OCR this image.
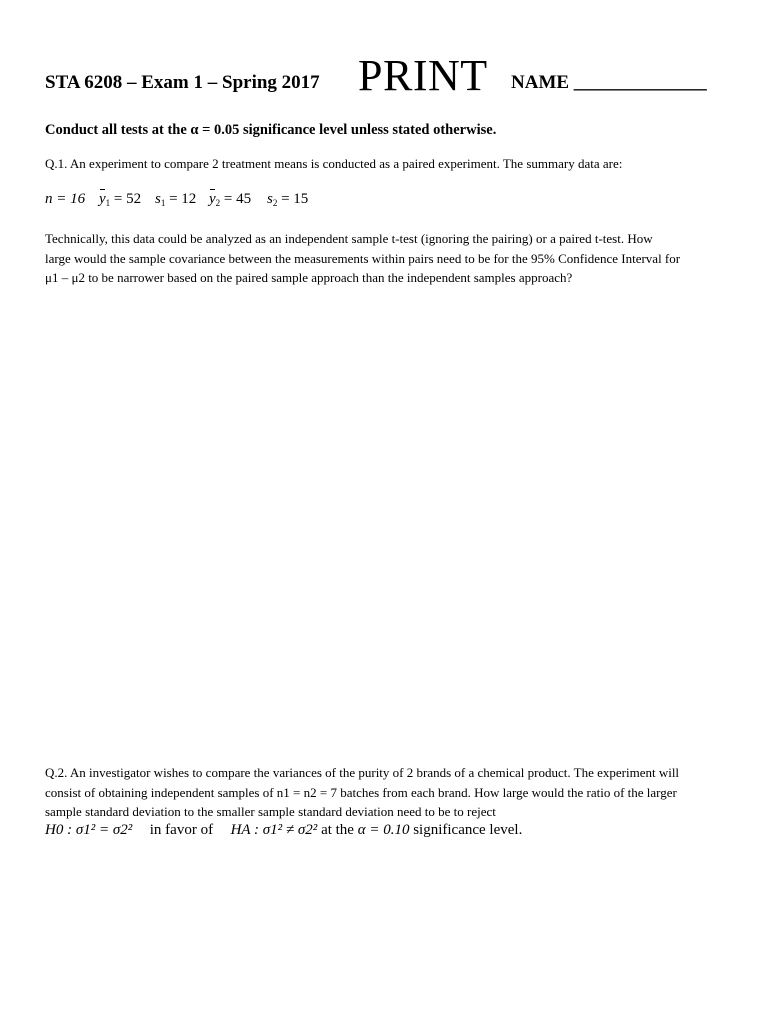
STA 6208 – Exam 1 – Spring 2017 PRINT NAME ______________
Conduct all tests at the α = 0.05 significance level unless stated otherwise.
Q.1. An experiment to compare 2 treatment means is conducted as a paired experiment. The summary data are:
n = 16 $y_1 = 52$ $s_1 = 12$ $y_2 = 45$ $s_2 = 15$

Technically, this data could be analyzed as an independent sample t-test (ignoring the pairing) or a paired t-test. How

large would the sample covariance between the measurements within pairs need to be for the 95% Confidence Interval for

μ1 – μ2 to be narrower based on the paired sample approach than the independent samples approach?

Q.2. An investigator wishes to compare the variances of the purity of 2 brands of a chemical product. The experiment will

consist of obtaining independent samples of n1 = n2 = 7 batches from each brand. How large would the ratio of the larger

sample standard deviation to the smaller sample standard deviation need to be to reject

H0 : σ1² = σ2² in favor of HA : σ1² ≠ σ2² at the α = 0.10 significance level.
